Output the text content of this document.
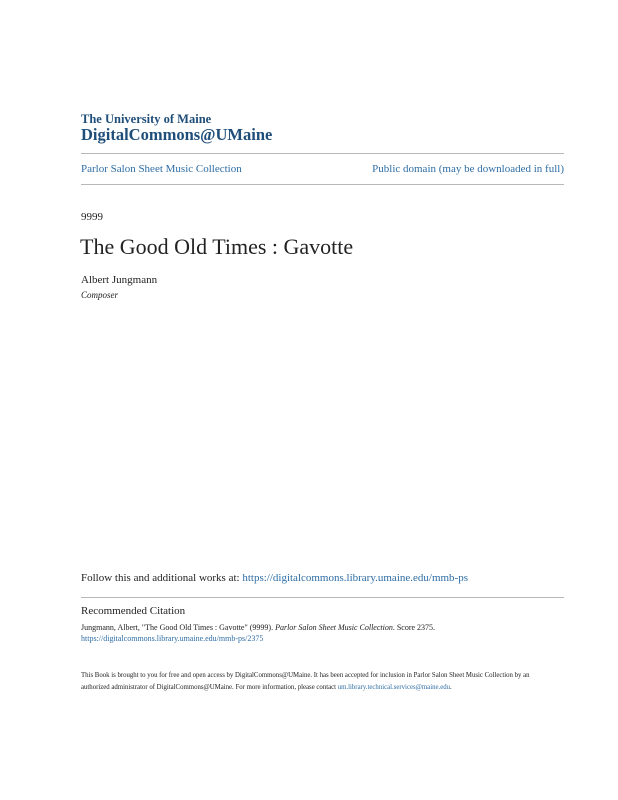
The University of Maine
DigitalCommons@UMaine
Parlor Salon Sheet Music Collection	Public domain (may be downloaded in full)
9999
The Good Old Times : Gavotte
Albert Jungmann
Composer
Follow this and additional works at: https://digitalcommons.library.umaine.edu/mmb-ps
Recommended Citation
Jungmann, Albert, "The Good Old Times : Gavotte" (9999). Parlor Salon Sheet Music Collection. Score 2375.
https://digitalcommons.library.umaine.edu/mmb-ps/2375
This Book is brought to you for free and open access by DigitalCommons@UMaine. It has been accepted for inclusion in Parlor Salon Sheet Music Collection by an authorized administrator of DigitalCommons@UMaine. For more information, please contact um.library.technical.services@maine.edu.
